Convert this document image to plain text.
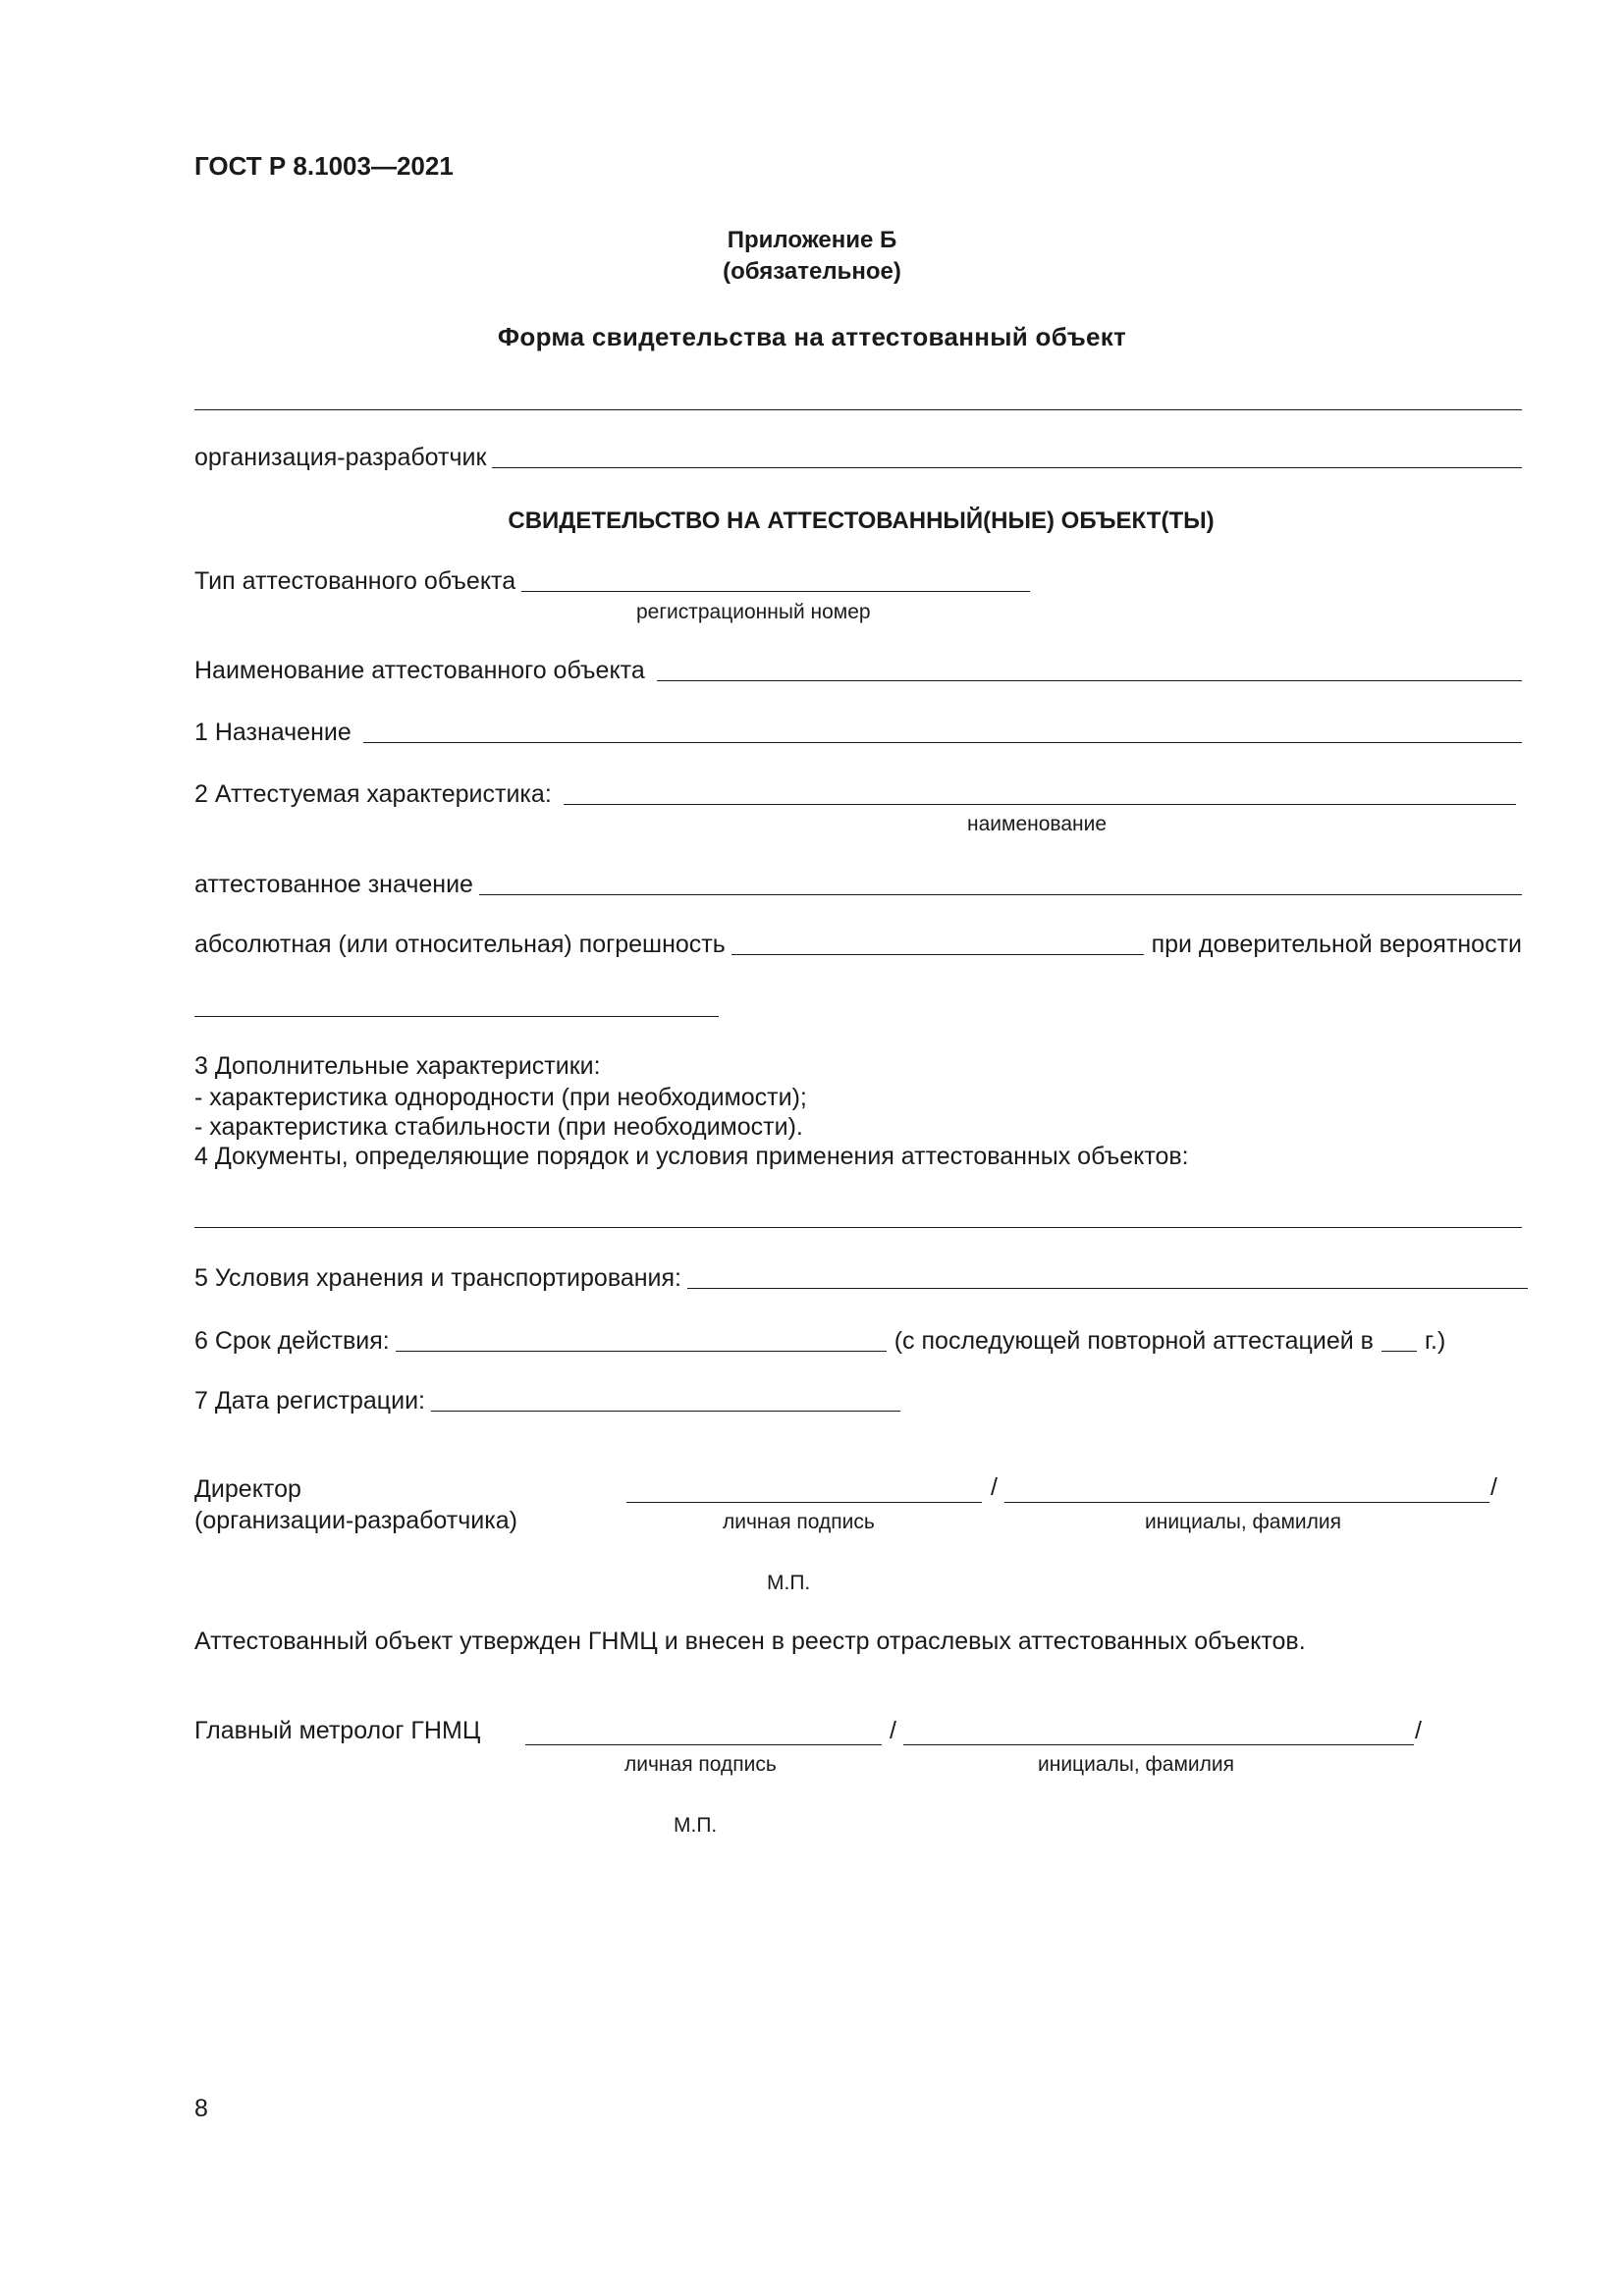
ГОСТ Р 8.1003—2021
Приложение Б
(обязательное)
Форма свидетельства на аттестованный объект
организация-разработчик
СВИДЕТЕЛЬСТВО НА АТТЕСТОВАННЫЙ(НЫЕ) ОБЪЕКТ(ТЫ)
Тип аттестованного объекта
регистрационный номер
Наименование аттестованного объекта
1 Назначение
2 Аттестуемая характеристика:
наименование
аттестованное значение
абсолютная (или относительная) погрешность	при доверительной вероятности
3 Дополнительные характеристики:
- характеристика однородности (при необходимости);
- характеристика стабильности (при необходимости).
4 Документы, определяющие порядок и условия применения аттестованных объектов:
5 Условия хранения и транспортирования:
6 Срок действия:	(с последующей повторной аттестацией в г.)
7 Дата регистрации:
Директор
(организации-разработчика)
/	/
личная подпись	инициалы, фамилия
М.П.
Аттестованный объект утвержден ГНМЦ и внесен в реестр отраслевых аттестованных объектов.
Главный метролог ГНМЦ	/	/
личная подпись	инициалы, фамилия
М.П.
8
